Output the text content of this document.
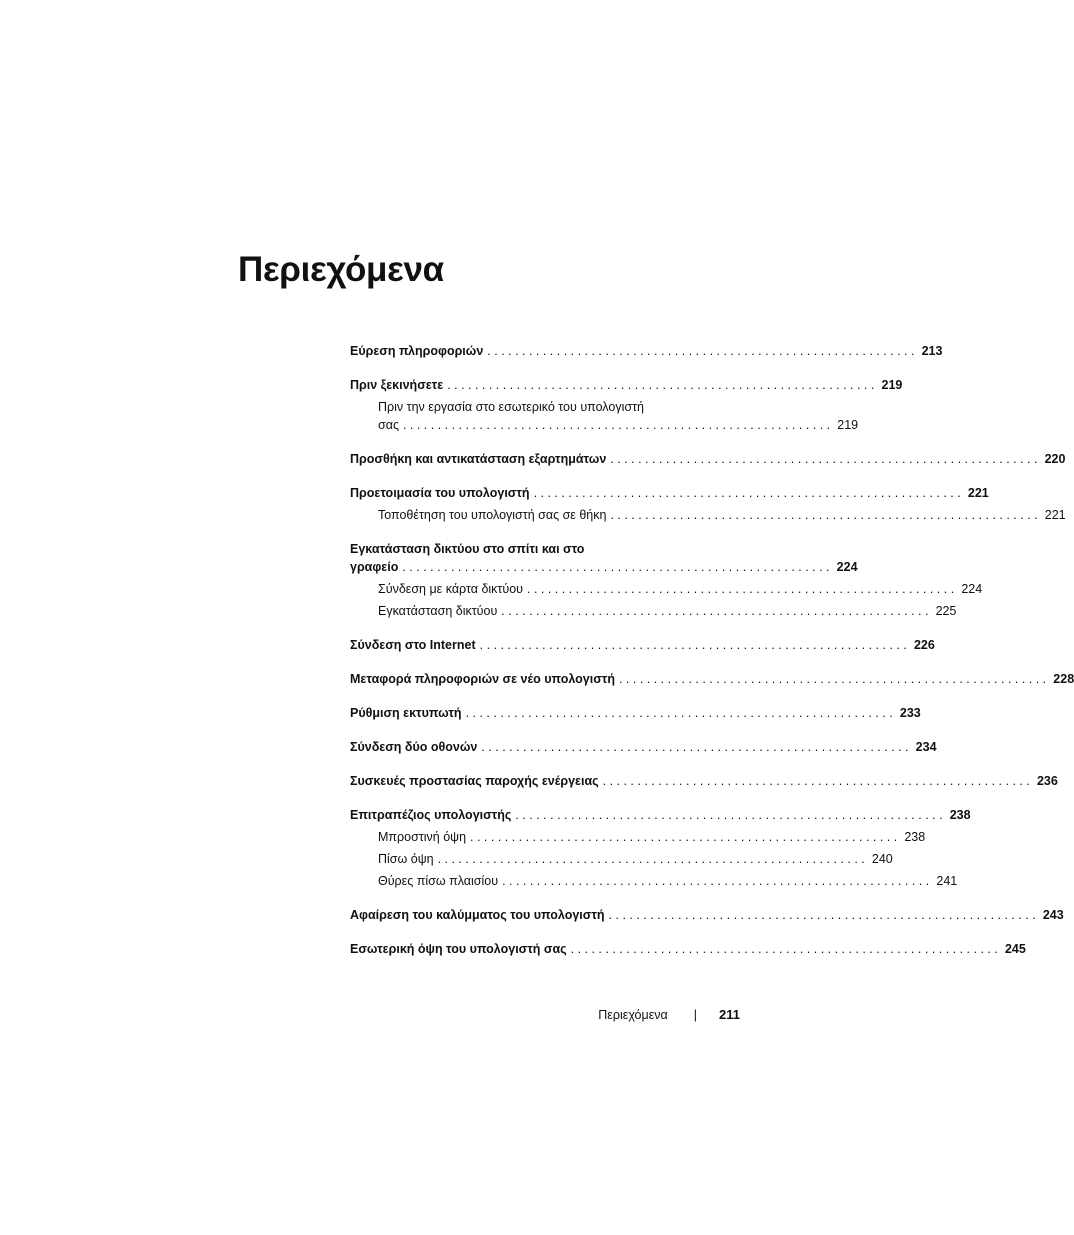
Περιεχόμενα
Εύρεση πληροφοριών . . .	213
Πριν ξεκινήσετε . . .	219
Πριν την εργασία στο εσωτερικό του υπολογιστή
σας . . .	219
Προσθήκη και αντικατάσταση εξαρτημάτων . . .	220
Προετοιμασία του υπολογιστή . . .	221
Τοποθέτηση του υπολογιστή σας σε θήκη . . .	221
Εγκατάσταση δικτύου στο σπίτι και στο
γραφείο . . .	224
Σύνδεση με κάρτα δικτύου . . .	224
Εγκατάσταση δικτύου . . .	225
Σύνδεση στο Internet . . .	226
Μεταφορά πληροφοριών σε νέο υπολογιστή . . .	228
Ρύθμιση εκτυπωτή . . .	233
Σύνδεση δύο οθονών . . .	234
Συσκευές προστασίας παροχής ενέργειας . . .	236
Επιτραπέζιος υπολογιστής . . .	238
Μπροστινή όψη . . .	238
Πίσω όψη . . .	240
Θύρες πίσω πλαισίου . . .	241
Αφαίρεση του καλύμματος του υπολογιστή . . .	243
Εσωτερική όψη του υπολογιστή σας . . .	245
Περιεχόμενα | 211
